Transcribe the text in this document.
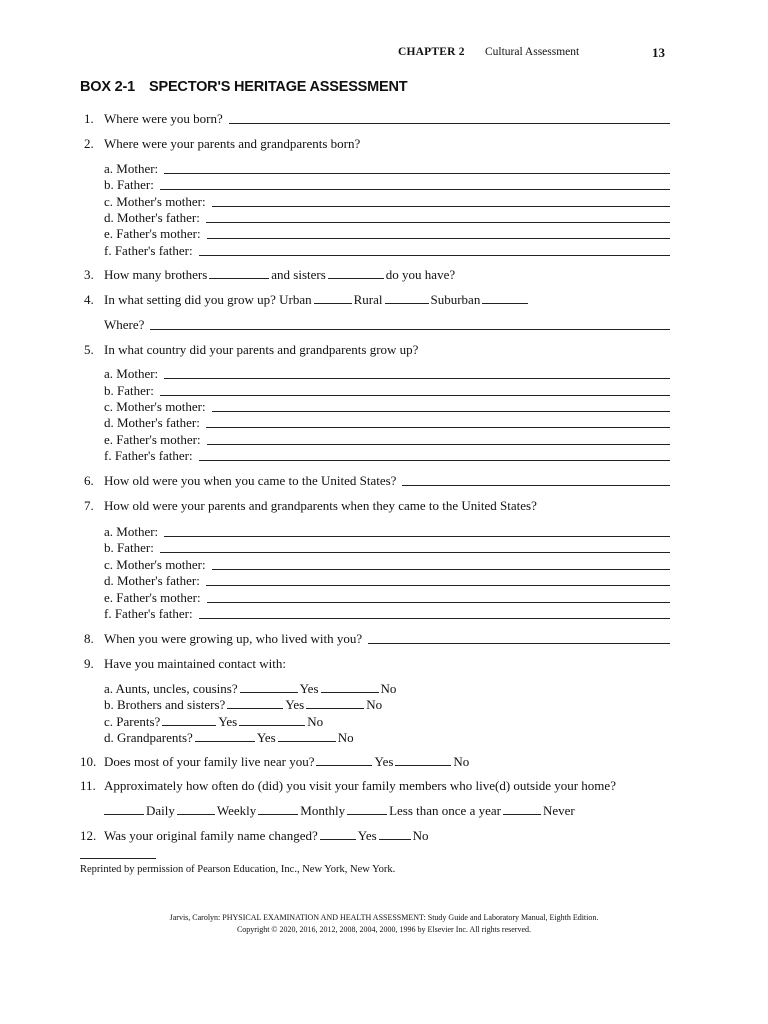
CHAPTER 2 Cultural Assessment	13
BOX 2-1 SPECTOR'S HERITAGE ASSESSMENT
1. Where were you born?
2. Where were your parents and grandparents born?
a. Mother:
b. Father:
c. Mother's mother:
d. Mother's father:
e. Father's mother:
f. Father's father:
3. How many brothers	and sisters	do you have?
4. In what setting did you grow up? Urban	Rural	Suburban
Where?
5. In what country did your parents and grandparents grow up?
a. Mother:
b. Father:
c. Mother's mother:
d. Mother's father:
e. Father's mother:
f. Father's father:
6. How old were you when you came to the United States?
7. How old were your parents and grandparents when they came to the United States?
a. Mother:
b. Father:
c. Mother's mother:
d. Mother's father:
e. Father's mother:
f. Father's father:
8. When you were growing up, who lived with you?
9. Have you maintained contact with:
a. Aunts, uncles, cousins?	Yes	No
b. Brothers and sisters?	Yes	No
c. Parents?	Yes	No
d. Grandparents?	Yes	No
10. Does most of your family live near you?	Yes	No
11. Approximately how often do (did) you visit your family members who live(d) outside your home?
Daily	Weekly	Monthly	Less than once a year	Never
12. Was your original family name changed?	Yes	No
Reprinted by permission of Pearson Education, Inc., New York, New York.
Jarvis, Carolyn: PHYSICAL EXAMINATION AND HEALTH ASSESSMENT: Study Guide and Laboratory Manual, Eighth Edition.
Copyright © 2020, 2016, 2012, 2008, 2004, 2000, 1996 by Elsevier Inc. All rights reserved.
